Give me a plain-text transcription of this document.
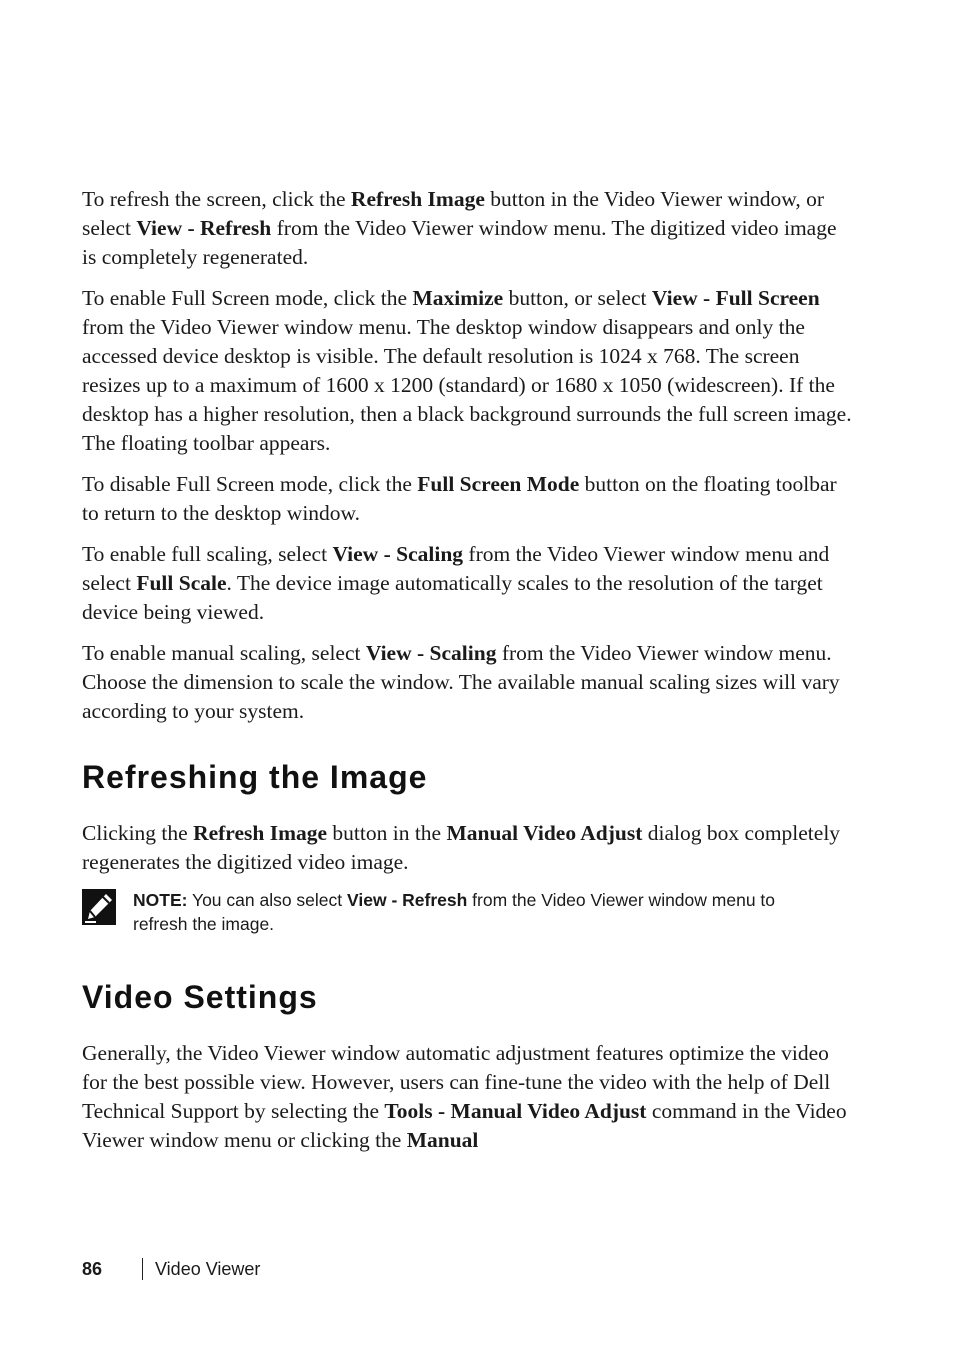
To refresh the screen, click the Refresh Image button in the Video Viewer window, or select View - Refresh from the Video Viewer window menu. The digitized video image is completely regenerated.

To enable Full Screen mode, click the Maximize button, or select View - Full Screen from the Video Viewer window menu. The desktop window disappears and only the accessed device desktop is visible. The default resolution is 1024 x 768. The screen resizes up to a maximum of 1600 x 1200 (standard) or 1680 x 1050 (widescreen). If the desktop has a higher resolution, then a black background surrounds the full screen image. The floating toolbar appears.

To disable Full Screen mode, click the Full Screen Mode button on the floating toolbar to return to the desktop window.

To enable full scaling, select View - Scaling from the Video Viewer window menu and select Full Scale. The device image automatically scales to the resolution of the target device being viewed.

To enable manual scaling, select View - Scaling from the Video Viewer window menu. Choose the dimension to scale the window. The available manual scaling sizes will vary according to your system.

Refreshing the Image

Clicking the Refresh Image button in the Manual Video Adjust dialog box completely regenerates the digitized video image.

NOTE: You can also select View - Refresh from the Video Viewer window menu to refresh the image.
Video Settings

Generally, the Video Viewer window automatic adjustment features optimize the video for the best possible view. However, users can fine-tune the video with the help of Dell Technical Support by selecting the Tools - Manual Video Adjust command in the Video Viewer window menu or clicking the Manual

86	Video Viewer
